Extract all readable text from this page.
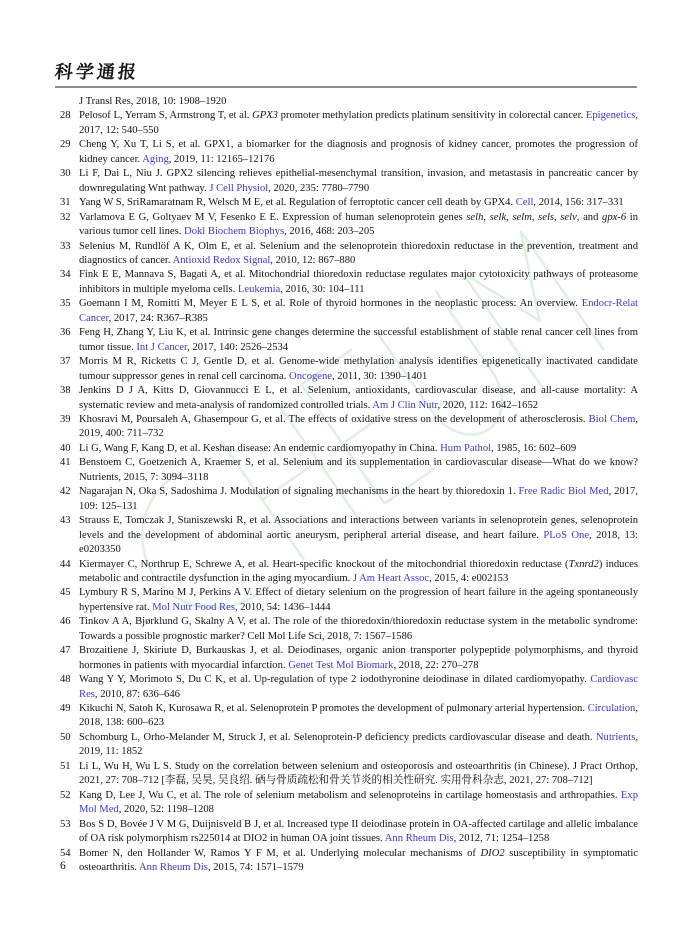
科学通报
J Transl Res, 2018, 10: 1908–1920
28 Pelosof L, Yerram S, Armstrong T, et al. GPX3 promoter methylation predicts platinum sensitivity in colorectal cancer. Epigenetics, 2017, 12: 540–550
29 Cheng Y, Xu T, Li S, et al. GPX1, a biomarker for the diagnosis and prognosis of kidney cancer, promotes the progression of kidney cancer. Aging, 2019, 11: 12165–12176
30 Li F, Dai L, Niu J. GPX2 silencing relieves epithelial-mesenchymal transition, invasion, and metastasis in pancreatic cancer by downregulating Wnt pathway. J Cell Physiol, 2020, 235: 7780–7790
31 Yang W S, SriRamaratnam R, Welsch M E, et al. Regulation of ferroptotic cancer cell death by GPX4. Cell, 2014, 156: 317–331
32 Varlamova E G, Goltyaev M V, Fesenko E E. Expression of human selenoprotein genes selh, selk, selm, sels, selv, and gpx-6 in various tumor cell lines. Dokl Biochem Biophys, 2016, 468: 203–205
33 Selenius M, Rundlöf A K, Olm E, et al. Selenium and the selenoprotein thioredoxin reductase in the prevention, treatment and diagnostics of cancer. Antioxid Redox Signal, 2010, 12: 867–880
34 Fink E E, Mannava S, Bagati A, et al. Mitochondrial thioredoxin reductase regulates major cytotoxicity pathways of proteasome inhibitors in multiple myeloma cells. Leukemia, 2016, 30: 104–111
35 Goemann I M, Romitti M, Meyer E L S, et al. Role of thyroid hormones in the neoplastic process: An overview. Endocr-Relat Cancer, 2017, 24: R367–R385
36 Feng H, Zhang Y, Liu K, et al. Intrinsic gene changes determine the successful establishment of stable renal cancer cell lines from tumor tissue. Int J Cancer, 2017, 140: 2526–2534
37 Morris M R, Ricketts C J, Gentle D, et al. Genome-wide methylation analysis identifies epigenetically inactivated candidate tumour suppressor genes in renal cell carcinoma. Oncogene, 2011, 30: 1390–1401
38 Jenkins D J A, Kitts D, Giovannucci E L, et al. Selenium, antioxidants, cardiovascular disease, and all-cause mortality: A systematic review and meta-analysis of randomized controlled trials. Am J Clin Nutr, 2020, 112: 1642–1652
39 Khosravi M, Poursaleh A, Ghasempour G, et al. The effects of oxidative stress on the development of atherosclerosis. Biol Chem, 2019, 400: 711–732
40 Li G, Wang F, Kang D, et al. Keshan disease: An endemic cardiomyopathy in China. Hum Pathol, 1985, 16: 602–609
41 Benstoem C, Goetzenich A, Kraemer S, et al. Selenium and its supplementation in cardiovascular disease—What do we know? Nutrients, 2015, 7: 3094–3118
42 Nagarajan N, Oka S, Sadoshima J. Modulation of signaling mechanisms in the heart by thioredoxin 1. Free Radic Biol Med, 2017, 109: 125–131
43 Strauss E, Tomczak J, Staniszewski R, et al. Associations and interactions between variants in selenoprotein genes, selenoprotein levels and the development of abdominal aortic aneurysm, peripheral arterial disease, and heart failure. PLoS One, 2018, 13: e0203350
44 Kiermayer C, Northrup E, Schrewe A, et al. Heart-specific knockout of the mitochondrial thioredoxin reductase (Txnrd2) induces metabolic and contractile dysfunction in the aging myocardium. J Am Heart Assoc, 2015, 4: e002153
45 Lymbury R S, Marino M J, Perkins A V. Effect of dietary selenium on the progression of heart failure in the ageing spontaneously hypertensive rat. Mol Nutr Food Res, 2010, 54: 1436–1444
46 Tinkov A A, Bjørklund G, Skalny A V, et al. The role of the thioredoxin/thioredoxin reductase system in the metabolic syndrome: Towards a possible prognostic marker? Cell Mol Life Sci, 2018, 7: 1567–1586
47 Brozaitiene J, Skiriute D, Burkauskas J, et al. Deiodinases, organic anion transporter polypeptide polymorphisms, and thyroid hormones in patients with myocardial infarction. Genet Test Mol Biomark, 2018, 22: 270–278
48 Wang Y Y, Morimoto S, Du C K, et al. Up-regulation of type 2 iodothyronine deiodinase in dilated cardiomyopathy. Cardiovasc Res, 2010, 87: 636–646
49 Kikuchi N, Satoh K, Kurosawa R, et al. Selenoprotein P promotes the development of pulmonary arterial hypertension. Circulation, 2018, 138: 600–623
50 Schomburg L, Orho-Melander M, Struck J, et al. Selenoprotein-P deficiency predicts cardiovascular disease and death. Nutrients, 2019, 11: 1852
51 Li L, Wu H, Wu L S. Study on the correlation between selenium and osteoporosis and osteoarthritis (in Chinese). J Pract Orthop, 2021, 27: 708–712 [李磊, 吴昊, 吴良绍. 硒与骨质疏松和骨关节炎的相关性研究. 实用骨科杂志, 2021, 27: 708–712]
52 Kang D, Lee J, Wu C, et al. The role of selenium metabolism and selenoproteins in cartilage homeostasis and arthropathies. Exp Mol Med, 2020, 52: 1198–1208
53 Bos S D, Bovée J V M G, Duijnisveld B J, et al. Increased type II deiodinase protein in OA-affected cartilage and allelic imbalance of OA risk polymorphism rs225014 at DIO2 in human OA joint tissues. Ann Rheum Dis, 2012, 71: 1254–1258
54 Bomer N, den Hollander W, Ramos Y F M, et al. Underlying molecular mechanisms of DIO2 susceptibility in symptomatic osteoarthritis. Ann Rheum Dis, 2015, 74: 1571–1579
6
